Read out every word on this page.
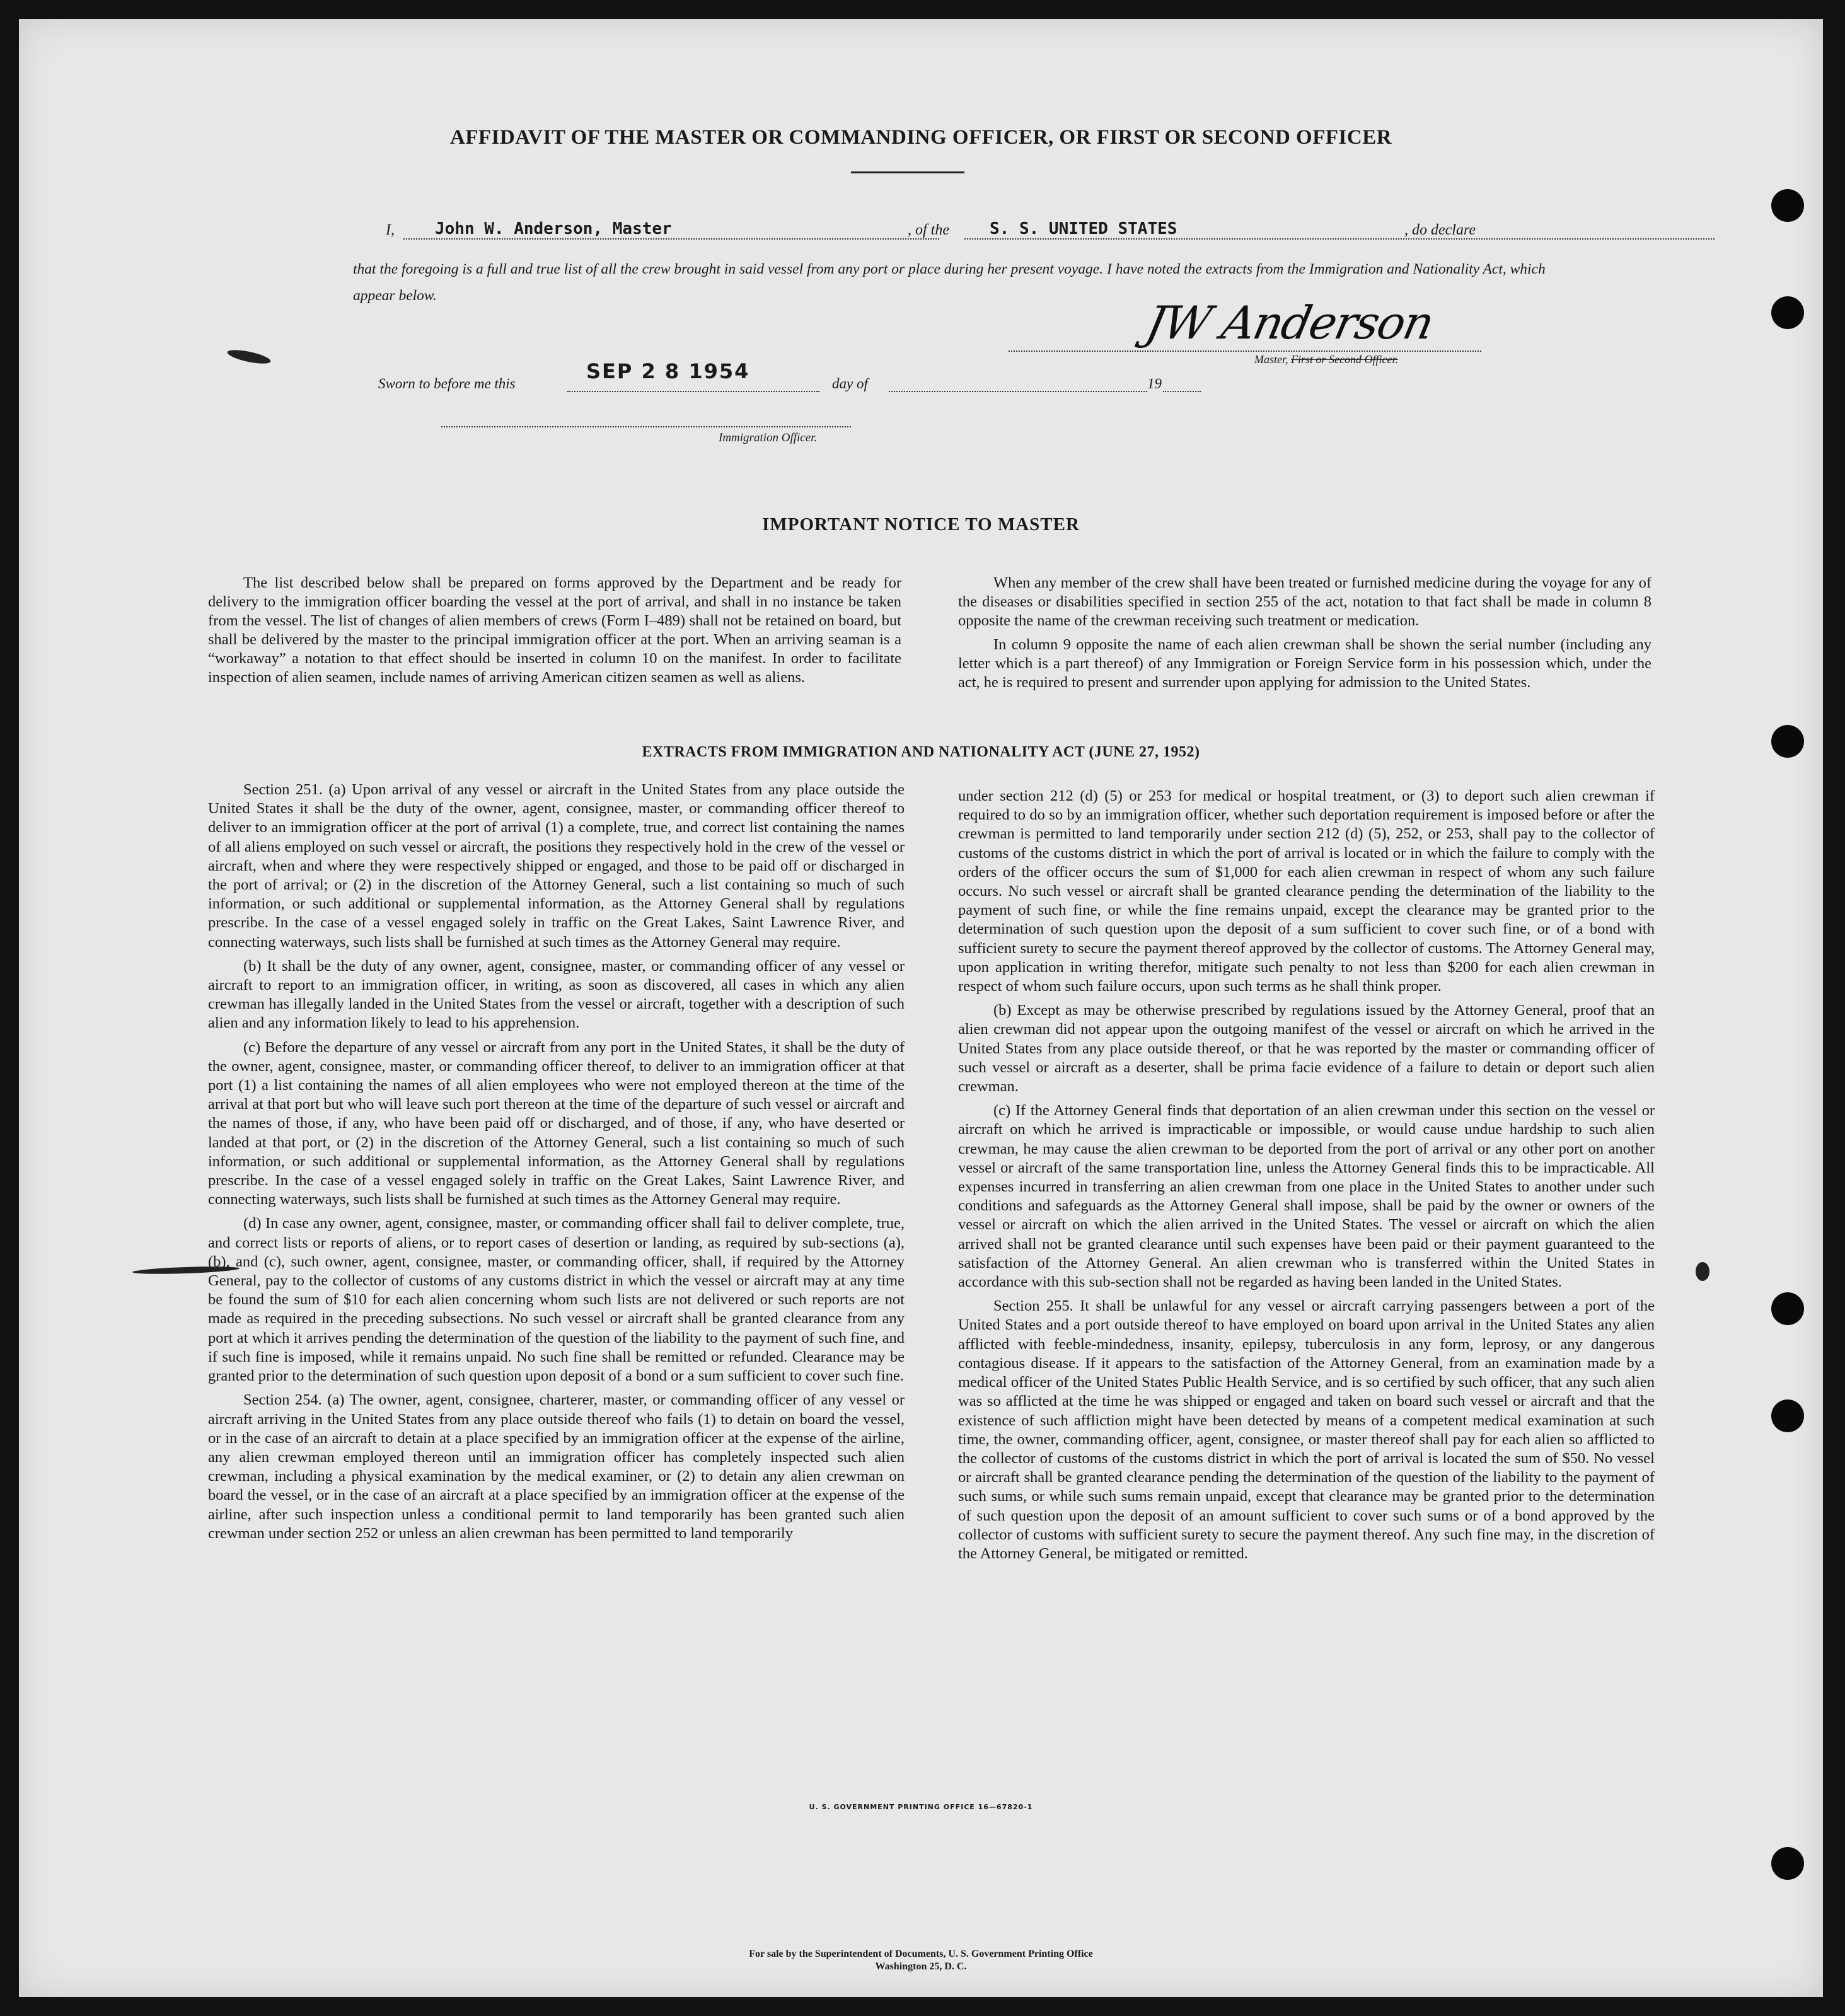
AFFIDAVIT OF THE MASTER OR COMMANDING OFFICER, OR FIRST OR SECOND OFFICER
I,	John W. Anderson, Master	, of the	S. S. UNITED STATES	, do declare
that the foregoing is a full and true list of all the crew brought in said vessel from any port or place during her present voyage. I have noted the extracts from the Immigration and Nationality Act, which appear below.
JW Anderson
Master, First or Second Officer.
Sworn to before me this
SEP 2 8 1954
day of	19
Immigration Officer.
IMPORTANT NOTICE TO MASTER

The list described below shall be prepared on forms approved by the Department and be ready for delivery to the immigration officer boarding the vessel at the port of arrival, and shall in no instance be taken from the vessel. The list of changes of alien members of crews (Form I–489) shall not be retained on board, but shall be delivered by the master to the principal immigration officer at the port. When an arriving seaman is a “workaway” a notation to that effect should be inserted in column 10 on the manifest. In order to facilitate inspection of alien seamen, include names of arriving American citizen seamen as well as aliens.

When any member of the crew shall have been treated or furnished medicine during the voyage for any of the diseases or disabilities specified in section 255 of the act, notation to that fact shall be made in column 8 opposite the name of the crewman receiving such treatment or medication.

In column 9 opposite the name of each alien crewman shall be shown the serial number (including any letter which is a part thereof) of any Immigration or Foreign Service form in his possession which, under the act, he is required to present and surrender upon applying for admission to the United States.

EXTRACTS FROM IMMIGRATION AND NATIONALITY ACT (JUNE 27, 1952)

Section 251. (a) Upon arrival of any vessel or aircraft in the United States from any place outside the United States it shall be the duty of the owner, agent, consignee, master, or commanding officer thereof to deliver to an immigration officer at the port of arrival (1) a complete, true, and correct list containing the names of all aliens employed on such vessel or aircraft, the positions they respectively hold in the crew of the vessel or aircraft, when and where they were respectively shipped or engaged, and those to be paid off or discharged in the port of arrival; or (2) in the discretion of the Attorney General, such a list containing so much of such information, or such additional or supplemental information, as the Attorney General shall by regulations prescribe. In the case of a vessel engaged solely in traffic on the Great Lakes, Saint Lawrence River, and connecting waterways, such lists shall be furnished at such times as the Attorney General may require.

(b) It shall be the duty of any owner, agent, consignee, master, or commanding officer of any vessel or aircraft to report to an immigration officer, in writing, as soon as discovered, all cases in which any alien crewman has illegally landed in the United States from the vessel or aircraft, together with a description of such alien and any information likely to lead to his apprehension.

(c) Before the departure of any vessel or aircraft from any port in the United States, it shall be the duty of the owner, agent, consignee, master, or commanding officer thereof, to deliver to an immigration officer at that port (1) a list containing the names of all alien employees who were not employed thereon at the time of the arrival at that port but who will leave such port thereon at the time of the departure of such vessel or aircraft and the names of those, if any, who have been paid off or discharged, and of those, if any, who have deserted or landed at that port, or (2) in the discretion of the Attorney General, such a list containing so much of such information, or such additional or supplemental information, as the Attorney General shall by regulations prescribe. In the case of a vessel engaged solely in traffic on the Great Lakes, Saint Lawrence River, and connecting waterways, such lists shall be furnished at such times as the Attorney General may require.

(d) In case any owner, agent, consignee, master, or commanding officer shall fail to deliver complete, true, and correct lists or reports of aliens, or to report cases of desertion or landing, as required by sub-sections (a), (b), and (c), such owner, agent, consignee, master, or commanding officer, shall, if required by the Attorney General, pay to the collector of customs of any customs district in which the vessel or aircraft may at any time be found the sum of $10 for each alien concerning whom such lists are not delivered or such reports are not made as required in the preceding subsections. No such vessel or aircraft shall be granted clearance from any port at which it arrives pending the determination of the question of the liability to the payment of such fine, and if such fine is imposed, while it remains unpaid. No such fine shall be remitted or refunded. Clearance may be granted prior to the determination of such question upon deposit of a bond or a sum sufficient to cover such fine.

Section 254. (a) The owner, agent, consignee, charterer, master, or commanding officer of any vessel or aircraft arriving in the United States from any place outside thereof who fails (1) to detain on board the vessel, or in the case of an aircraft to detain at a place specified by an immigration officer at the expense of the airline, any alien crewman employed thereon until an immigration officer has completely inspected such alien crewman, including a physical examination by the medical examiner, or (2) to detain any alien crewman on board the vessel, or in the case of an aircraft at a place specified by an immigration officer at the expense of the airline, after such inspection unless a conditional permit to land temporarily has been granted such alien crewman under section 252 or unless an alien crewman has been permitted to land temporarily

under section 212 (d) (5) or 253 for medical or hospital treatment, or (3) to deport such alien crewman if required to do so by an immigration officer, whether such deportation requirement is imposed before or after the crewman is permitted to land temporarily under section 212 (d) (5), 252, or 253, shall pay to the collector of customs of the customs district in which the port of arrival is located or in which the failure to comply with the orders of the officer occurs the sum of $1,000 for each alien crewman in respect of whom any such failure occurs. No such vessel or aircraft shall be granted clearance pending the determination of the liability to the payment of such fine, or while the fine remains unpaid, except the clearance may be granted prior to the determination of such question upon the deposit of a sum sufficient to cover such fine, or of a bond with sufficient surety to secure the payment thereof approved by the collector of customs. The Attorney General may, upon application in writing therefor, mitigate such penalty to not less than $200 for each alien crewman in respect of whom such failure occurs, upon such terms as he shall think proper.

(b) Except as may be otherwise prescribed by regulations issued by the Attorney General, proof that an alien crewman did not appear upon the outgoing manifest of the vessel or aircraft on which he arrived in the United States from any place outside thereof, or that he was reported by the master or commanding officer of such vessel or aircraft as a deserter, shall be prima facie evidence of a failure to detain or deport such alien crewman.

(c) If the Attorney General finds that deportation of an alien crewman under this section on the vessel or aircraft on which he arrived is impracticable or impossible, or would cause undue hardship to such alien crewman, he may cause the alien crewman to be deported from the port of arrival or any other port on another vessel or aircraft of the same transportation line, unless the Attorney General finds this to be impracticable. All expenses incurred in transferring an alien crewman from one place in the United States to another under such conditions and safeguards as the Attorney General shall impose, shall be paid by the owner or owners of the vessel or aircraft on which the alien arrived in the United States. The vessel or aircraft on which the alien arrived shall not be granted clearance until such expenses have been paid or their payment guaranteed to the satisfaction of the Attorney General. An alien crewman who is transferred within the United States in accordance with this sub-section shall not be regarded as having been landed in the United States.

Section 255. It shall be unlawful for any vessel or aircraft carrying passengers between a port of the United States and a port outside thereof to have employed on board upon arrival in the United States any alien afflicted with feeble-mindedness, insanity, epilepsy, tuberculosis in any form, leprosy, or any dangerous contagious disease. If it appears to the satisfaction of the Attorney General, from an examination made by a medical officer of the United States Public Health Service, and is so certified by such officer, that any such alien was so afflicted at the time he was shipped or engaged and taken on board such vessel or aircraft and that the existence of such affliction might have been detected by means of a competent medical examination at such time, the owner, commanding officer, agent, consignee, or master thereof shall pay for each alien so afflicted to the collector of customs of the customs district in which the port of arrival is located the sum of $50. No vessel or aircraft shall be granted clearance pending the determination of the question of the liability to the payment of such sums, or while such sums remain unpaid, except that clearance may be granted prior to the determination of such question upon the deposit of an amount sufficient to cover such sums or of a bond approved by the collector of customs with sufficient surety to secure the payment thereof. Any such fine may, in the discretion of the Attorney General, be mitigated or remitted.

U. S. GOVERNMENT PRINTING OFFICE 16—67820-1
For sale by the Superintendent of Documents, U. S. Government Printing Office
Washington 25, D. C.
